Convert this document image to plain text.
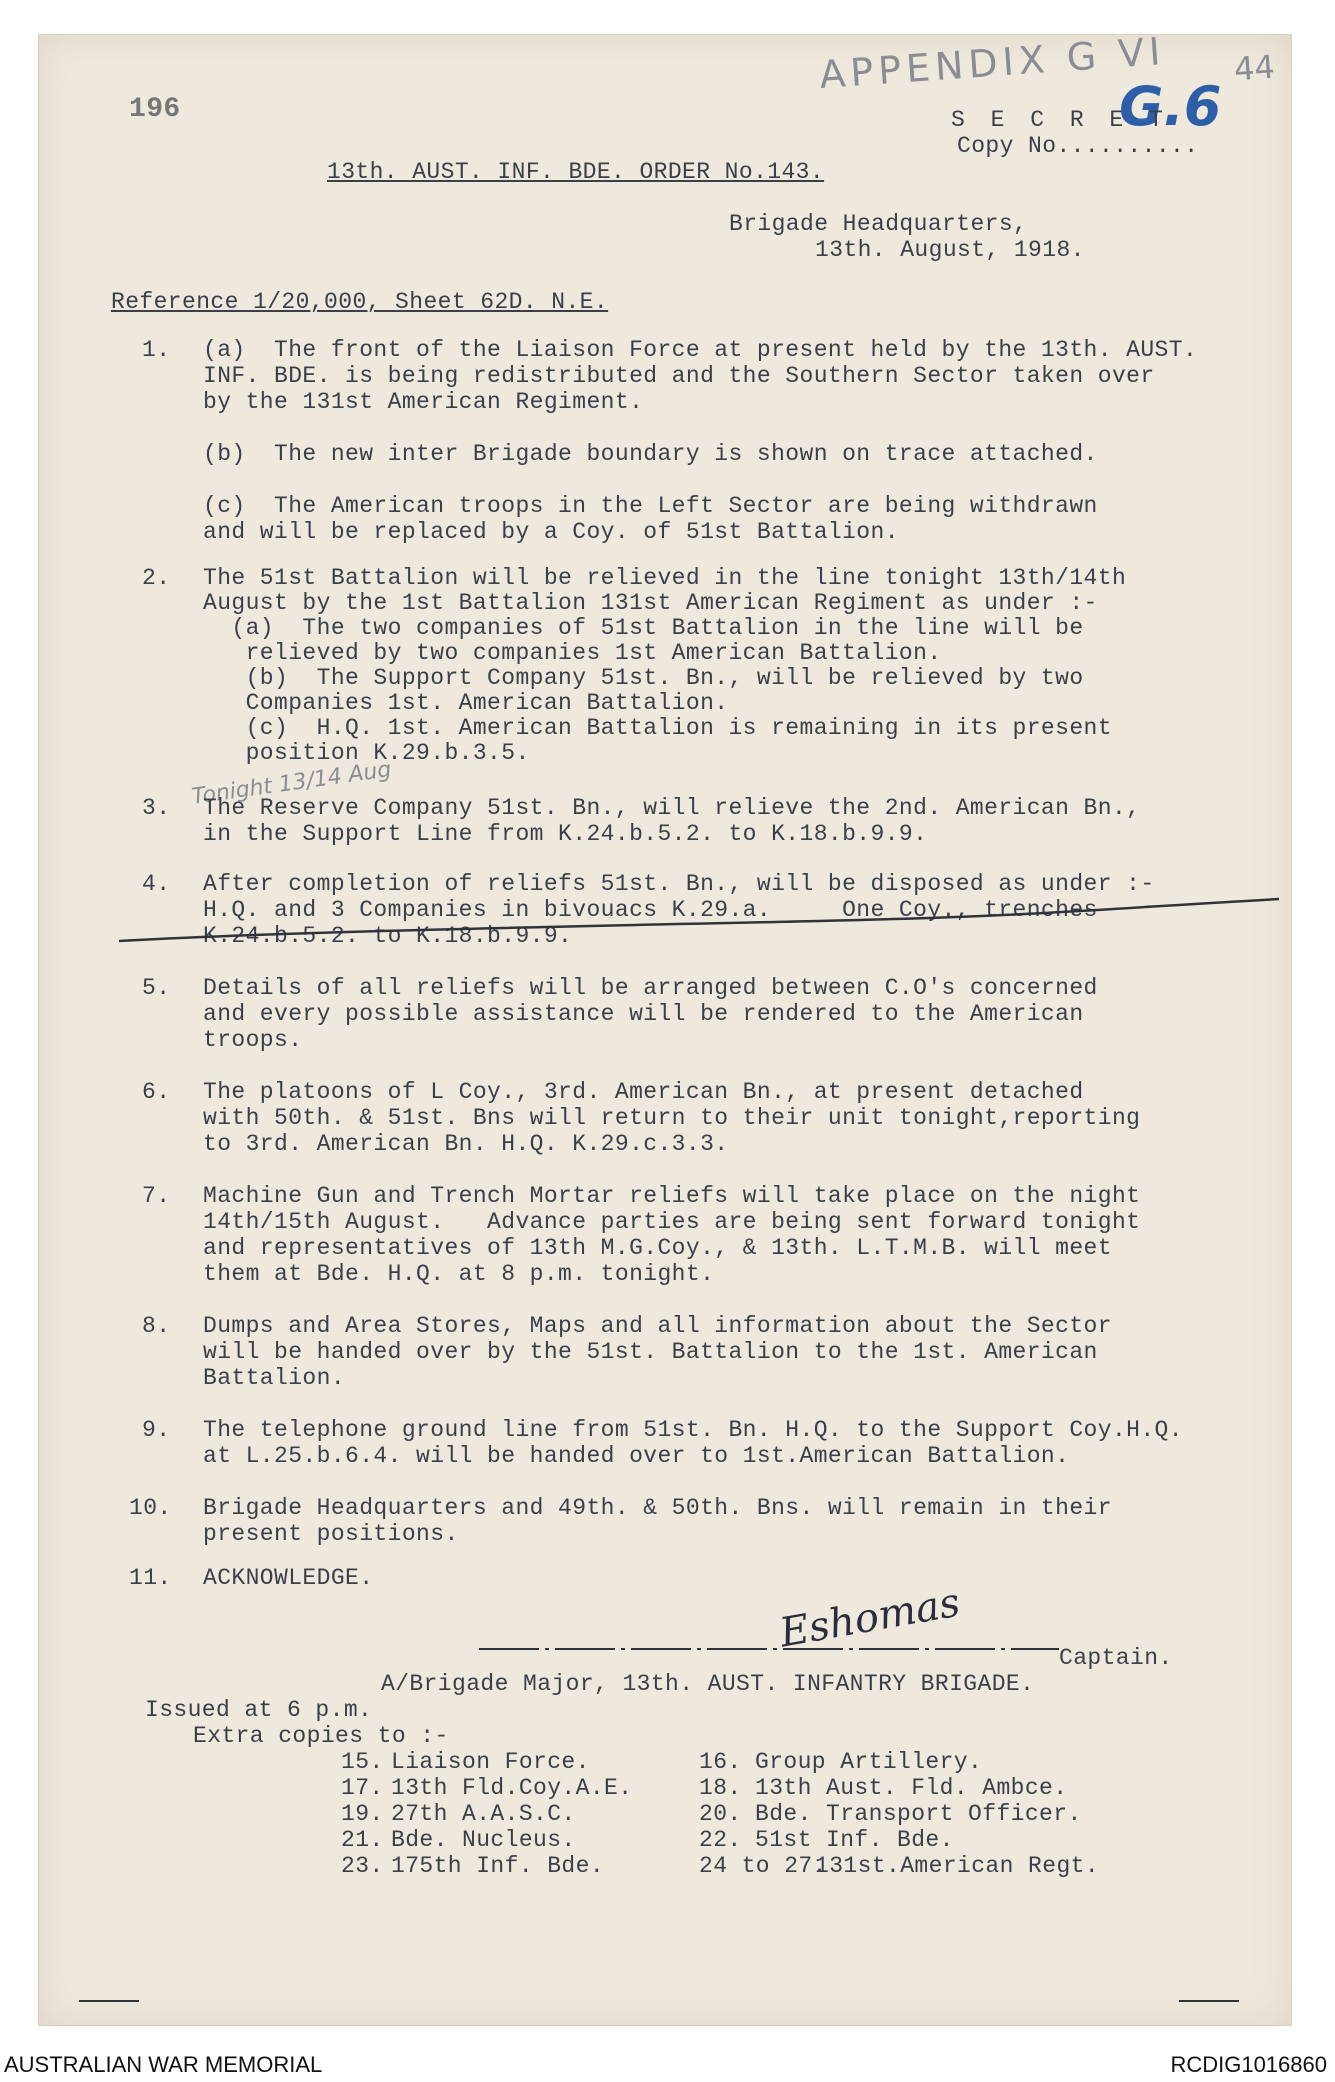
APPENDIX G VI 44
G.6
196	S E C R E T
Copy No..........
13th. AUST. INF. BDE. ORDER No.143.
Brigade Headquarters,
13th. August, 1918.
Reference 1/20,000, Sheet 62D. N.E.
1.	(a)  The front of the Liaison Force at present held by the 13th. AUST.

INF. BDE. is being redistributed and the Southern Sector taken over

by the 131st American Regiment.

(b)  The new inter Brigade boundary is shown on trace attached.

(c)  The American troops in the Left Sector are being withdrawn

and will be replaced by a Coy. of 51st Battalion.

2.	The 51st Battalion will be relieved in the line tonight 13th/14th

August by the 1st Battalion 131st American Regiment as under :-

(a)  The two companies of 51st Battalion in the line will be

relieved by two companies 1st American Battalion.

(b)  The Support Company 51st. Bn., will be relieved by two

Companies 1st. American Battalion.

(c)  H.Q. 1st. American Battalion is remaining in its present

position K.29.b.3.5.

Tonight 13/14 Aug
3.	The Reserve Company 51st. Bn., will relieve the 2nd. American Bn.,

in the Support Line from K.24.b.5.2. to K.18.b.9.9.

4.	After completion of reliefs 51st. Bn., will be disposed as under :-

H.Q. and 3 Companies in bivouacs K.29.a.     One Coy., trenches

K.24.b.5.2. to K.18.b.9.9.

5.	Details of all reliefs will be arranged between C.O's concerned

and every possible assistance will be rendered to the American

troops.

6.	The platoons of L Coy., 3rd. American Bn., at present detached

with 50th. & 51st. Bns will return to their unit tonight,reporting

to 3rd. American Bn. H.Q. K.29.c.3.3.

7.	Machine Gun and Trench Mortar reliefs will take place on the night

14th/15th August.   Advance parties are being sent forward tonight

and representatives of 13th M.G.Coy., & 13th. L.T.M.B. will meet

them at Bde. H.Q. at 8 p.m. tonight.

8.	Dumps and Area Stores, Maps and all information about the Sector

will be handed over by the 51st. Battalion to the 1st. American

Battalion.

9.	The telephone ground line from 51st. Bn. H.Q. to the Support Coy.H.Q.

at L.25.b.6.4. will be handed over to 1st.American Battalion.

10.	Brigade Headquarters and 49th. & 50th. Bns. will remain in their

present positions.

11.	ACKNOWLEDGE.

Eshomas
Captain.
A/Brigade Major, 13th. AUST. INFANTRY BRIGADE.
Issued at 6 p.m.
Extra copies to :-
15. Liaison Force.	16. Group Artillery.
17. 13th Fld.Coy.A.E.	18. 13th Aust. Fld. Ambce.
19. 27th A.A.S.C.	20. Bde. Transport Officer.
21. Bde. Nucleus.	22. 51st Inf. Bde.
23. 175th Inf. Bde.	24 to 27.
131st.American Regt.
AUSTRALIAN WAR MEMORIAL	RCDIG1016860
